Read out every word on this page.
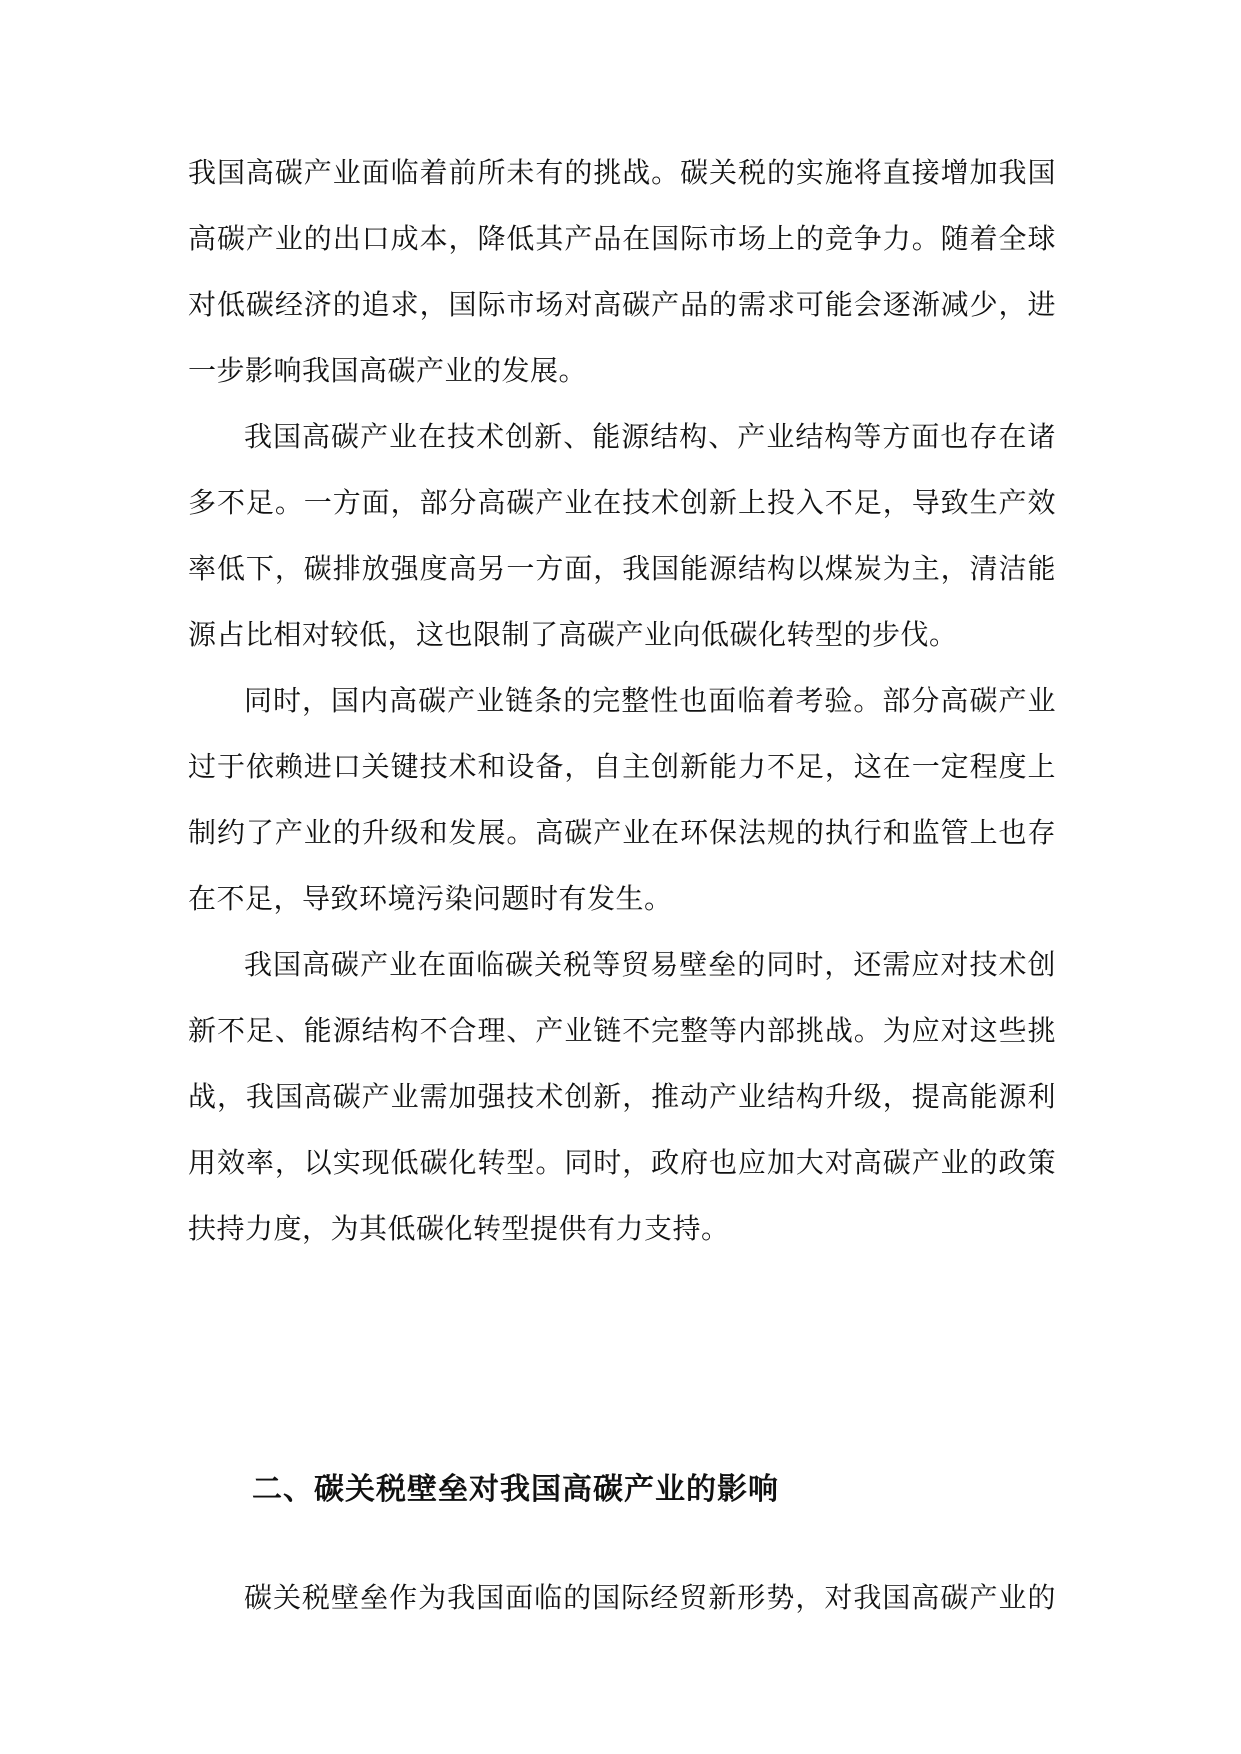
我国高碳产业面临着前所未有的挑战。碳关税的实施将直接增加我国
高碳产业的出口成本，降低其产品在国际市场上的竞争力。随着全球
对低碳经济的追求，国际市场对高碳产品的需求可能会逐渐减少，进
一步影响我国高碳产业的发展。
我国高碳产业在技术创新、能源结构、产业结构等方面也存在诸
多不足。一方面，部分高碳产业在技术创新上投入不足，导致生产效
率低下，碳排放强度高另一方面，我国能源结构以煤炭为主，清洁能
源占比相对较低，这也限制了高碳产业向低碳化转型的步伐。
同时，国内高碳产业链条的完整性也面临着考验。部分高碳产业
过于依赖进口关键技术和设备，自主创新能力不足，这在一定程度上
制约了产业的升级和发展。高碳产业在环保法规的执行和监管上也存
在不足，导致环境污染问题时有发生。
我国高碳产业在面临碳关税等贸易壁垒的同时，还需应对技术创
新不足、能源结构不合理、产业链不完整等内部挑战。为应对这些挑
战，我国高碳产业需加强技术创新，推动产业结构升级，提高能源利
用效率，以实现低碳化转型。同时，政府也应加大对高碳产业的政策
扶持力度，为其低碳化转型提供有力支持。
二、碳关税壁垒对我国高碳产业的影响
碳关税壁垒作为我国面临的国际经贸新形势，对我国高碳产业的
